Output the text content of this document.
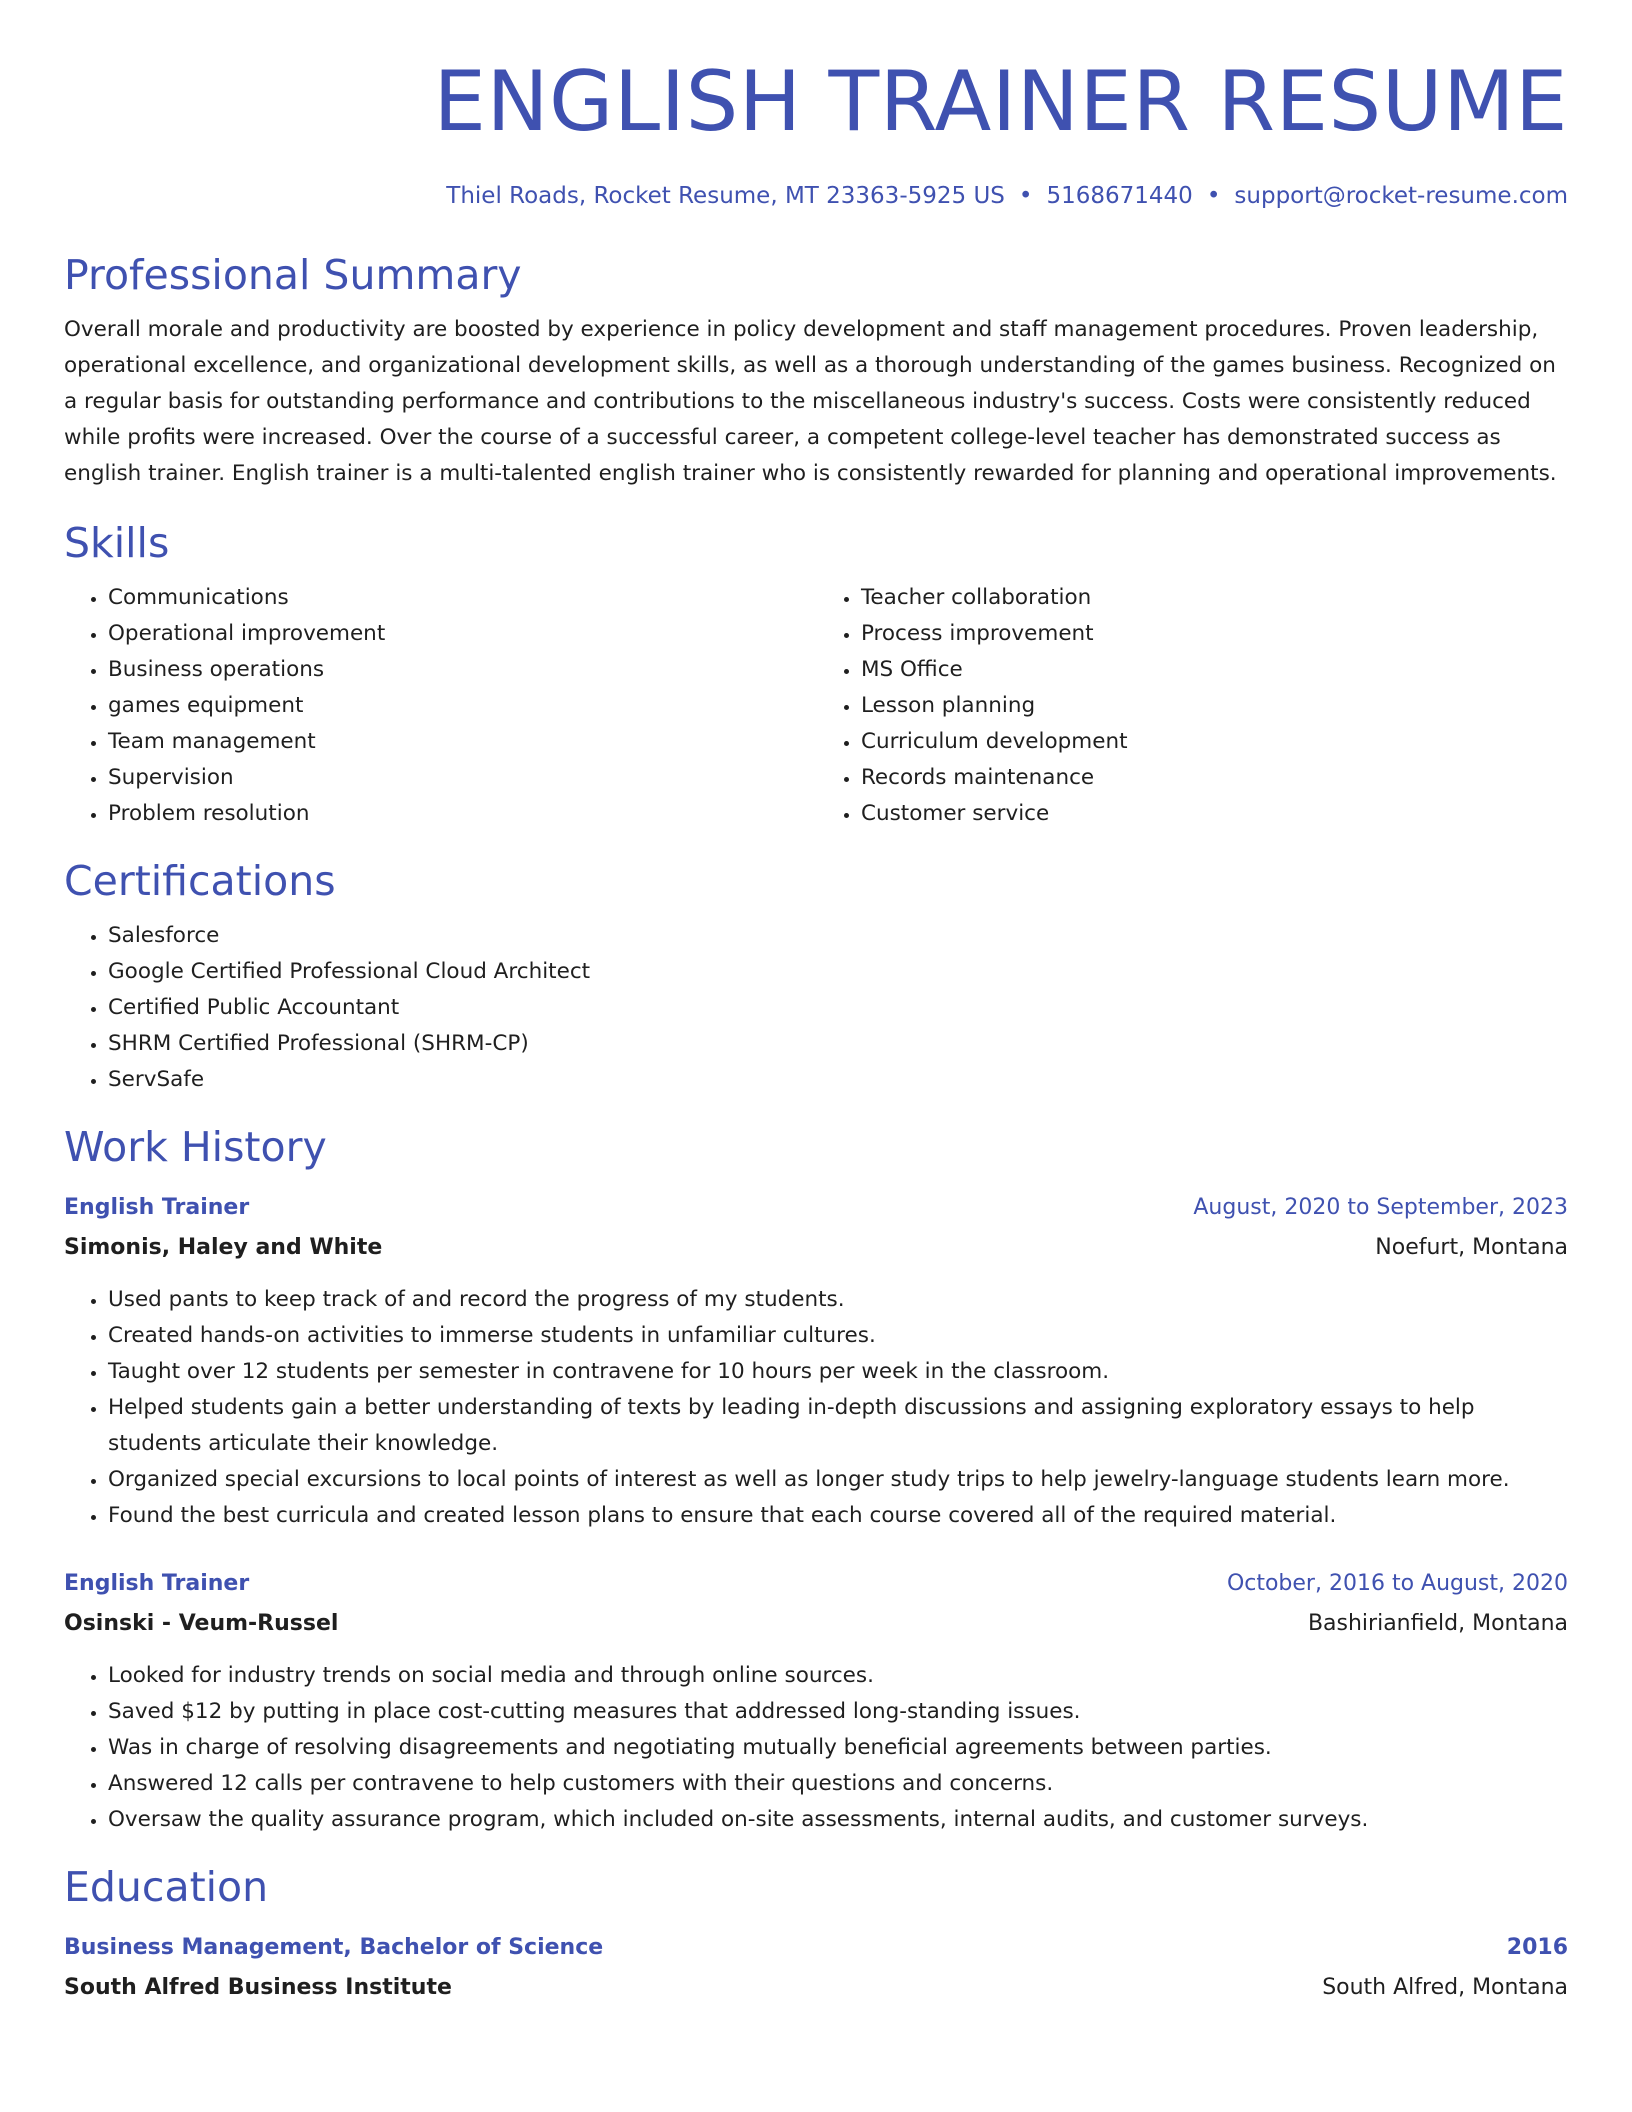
ENGLISH TRAINER RESUME
Thiel Roads, Rocket Resume, MT 23363-5925 US • 5168671440 • support@rocket-resume.com
Professional Summary

Overall morale and productivity are boosted by experience in policy development and staff management procedures. Proven leadership, operational excellence, and organizational development skills, as well as a thorough understanding of the games business. Recognized on a regular basis for outstanding performance and contributions to the miscellaneous industry's success. Costs were consistently reduced while profits were increased. Over the course of a successful career, a competent college-level teacher has demonstrated success as english trainer. English trainer is a multi-talented english trainer who is consistently rewarded for planning and operational improvements.

Skills
• Communications
• Operational improvement
• Business operations
• games equipment
• Team management
• Supervision
• Problem resolution
• Teacher collaboration
• Process improvement
• MS Office
• Lesson planning
• Curriculum development
• Records maintenance
• Customer service
Certifications
• Salesforce
• Google Certified Professional Cloud Architect
• Certified Public Accountant
• SHRM Certified Professional (SHRM-CP)
• ServSafe
Work History
English Trainer	August, 2020 to September, 2023
Simonis, Haley and White	Noefurt, Montana
• Used pants to keep track of and record the progress of my students.
• Created hands-on activities to immerse students in unfamiliar cultures.
• Taught over 12 students per semester in contravene for 10 hours per week in the classroom.
• Helped students gain a better understanding of texts by leading in-depth discussions and assigning exploratory essays to help students articulate their knowledge.
• Organized special excursions to local points of interest as well as longer study trips to help jewelry-language students learn more.
• Found the best curricula and created lesson plans to ensure that each course covered all of the required material.
English Trainer	October, 2016 to August, 2020
Osinski - Veum-Russel	Bashirianfield, Montana
• Looked for industry trends on social media and through online sources.
• Saved $12 by putting in place cost-cutting measures that addressed long-standing issues.
• Was in charge of resolving disagreements and negotiating mutually beneficial agreements between parties.
• Answered 12 calls per contravene to help customers with their questions and concerns.
• Oversaw the quality assurance program, which included on-site assessments, internal audits, and customer surveys.
Education
Business Management, Bachelor of Science	2016
South Alfred Business Institute	South Alfred, Montana
